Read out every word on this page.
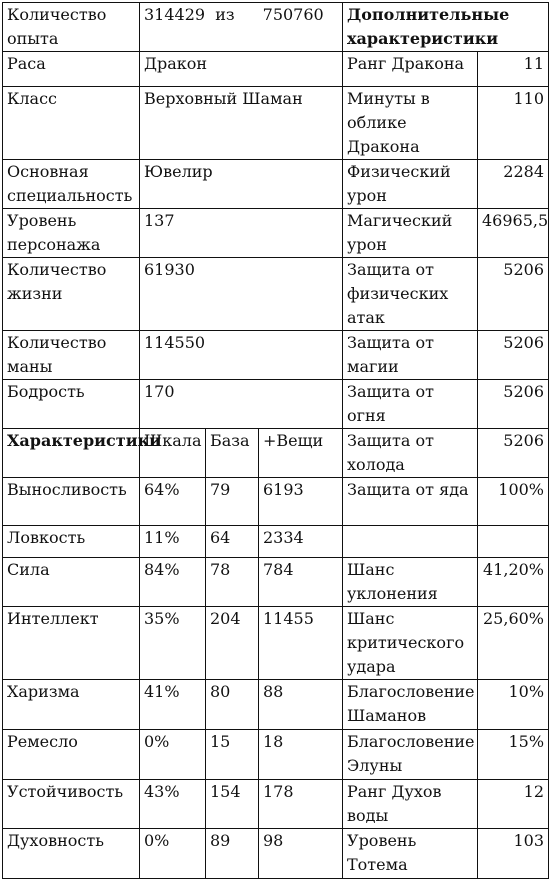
Количество опыта	314429 из 750760			Дополнительные характеристики	
Раса	Дракон			Ранг Дракона	11
Класс	Верховный Шаман			Минуты в облике Дракона	110
Основная специальность	Ювелир			Физический урон	2284
Уровень персонажа	137			Магический урон	46965,5
Количество жизни	61930			Защита от физических атак	5206
Количество маны	114550			Защита от магии	5206
Бодрость	170			Защита от огня	5206
Характеристики	Шкала	База	+Вещи	Защита от холода	5206
Выносливость	64%	79	6193	Защита от яда	100%
Ловкость	11%	64	2334		
Сила	84%	78	784	Шанс уклонения	41,20%
Интеллект	35%	204	11455	Шанс критического удара	25,60%
Харизма	41%	80	88	Благословение Шаманов	10%
Ремесло	0%	15	18	Благословение Элуны	15%
Устойчивость	43%	154	178	Ранг Духов воды	12
Духовность	0%	89	98	Уровень Тотема	103
